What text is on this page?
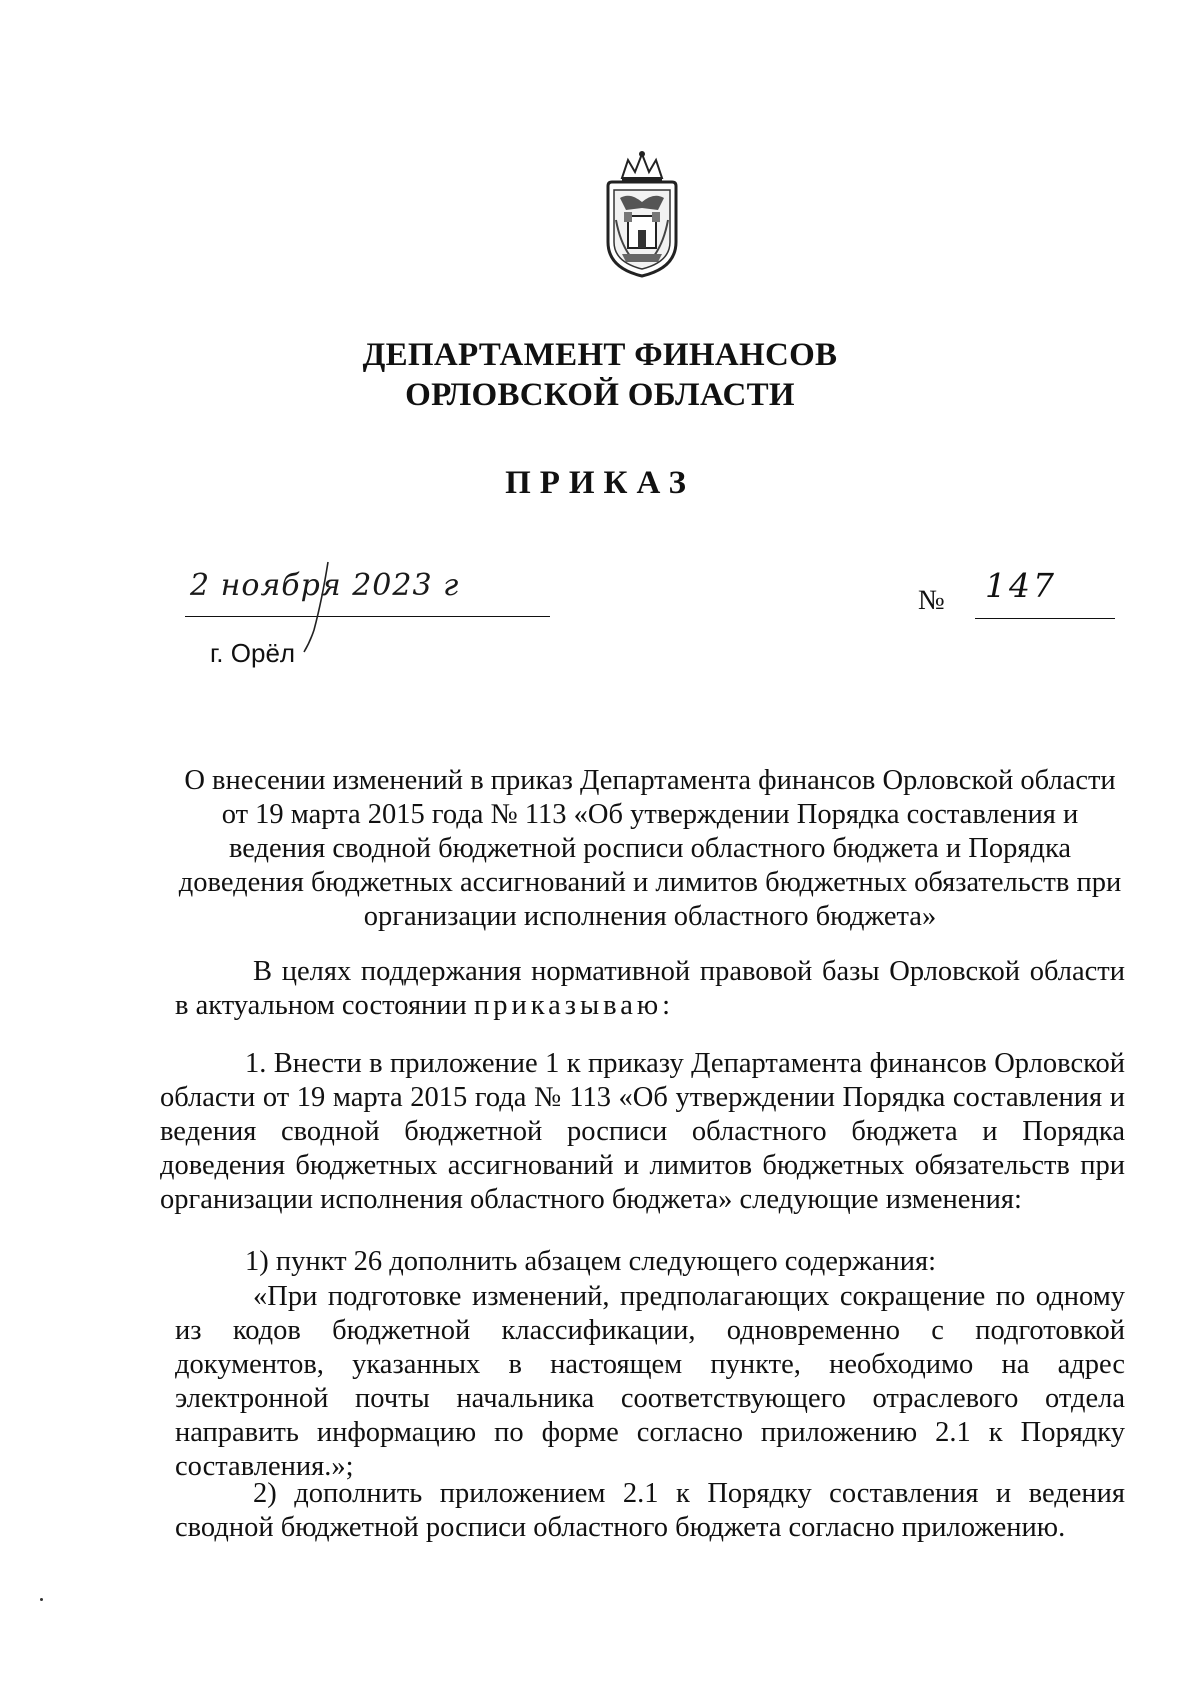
ДЕПАРТАМЕНТ ФИНАНСОВ
ОРЛОВСКОЙ ОБЛАСТИ
ПРИКАЗ
2 ноября 2023 г
г. Орёл
№ 147
О внесении изменений в приказ Департамента финансов Орловской области от 19 марта 2015 года № 113 «Об утверждении Порядка составления и ведения сводной бюджетной росписи областного бюджета и Порядка доведения бюджетных ассигнований и лимитов бюджетных обязательств при организации исполнения областного бюджета»
В целях поддержания нормативной правовой базы Орловской области в актуальном состоянии приказываю:
1. Внести в приложение 1 к приказу Департамента финансов Орловской области от 19 марта 2015 года № 113 «Об утверждении Порядка составления и ведения сводной бюджетной росписи областного бюджета и Порядка доведения бюджетных ассигнований и лимитов бюджетных обязательств при организации исполнения областного бюджета» следующие изменения:
1) пункт 26 дополнить абзацем следующего содержания:
«При подготовке изменений, предполагающих сокращение по одному из кодов бюджетной классификации, одновременно с подготовкой документов, указанных в настоящем пункте, необходимо на адрес электронной почты начальника соответствующего отраслевого отдела направить информацию по форме согласно приложению 2.1 к Порядку составления.»;
2) дополнить приложением 2.1 к Порядку составления и ведения сводной бюджетной росписи областного бюджета согласно приложению.
